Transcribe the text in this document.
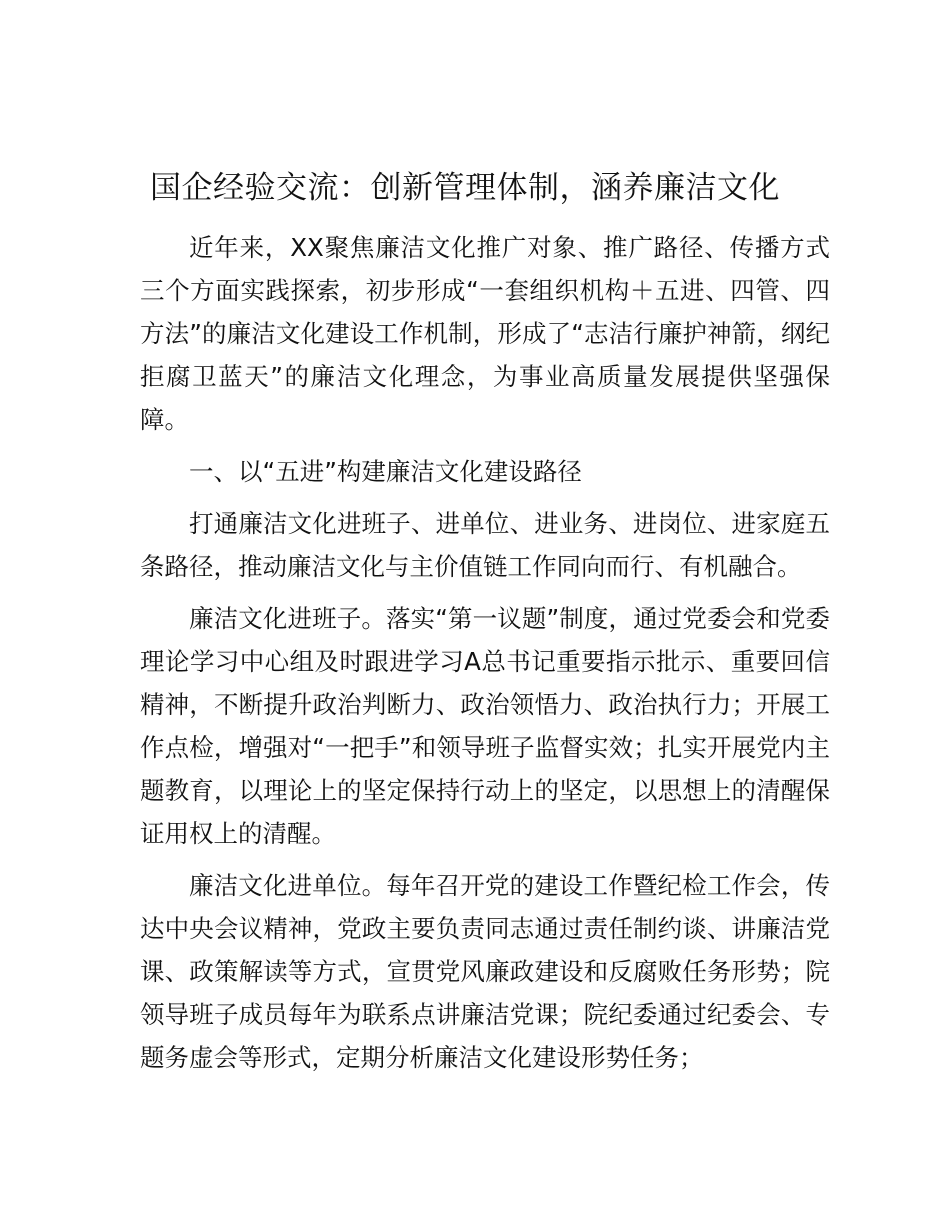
国企经验交流：创新管理体制，涵养廉洁文化

近年来，XX聚焦廉洁文化推广对象、推广路径、传播方式三个方面实践探索，初步形成“一套组织机构＋五进、四管、四方法”的廉洁文化建设工作机制，形成了“志洁行廉护神箭，纲纪拒腐卫蓝天”的廉洁文化理念，为事业高质量发展提供坚强保障。

一、以“五进”构建廉洁文化建设路径

打通廉洁文化进班子、进单位、进业务、进岗位、进家庭五条路径，推动廉洁文化与主价值链工作同向而行、有机融合。

廉洁文化进班子。落实“第一议题”制度，通过党委会和党委理论学习中心组及时跟进学习A总书记重要指示批示、重要回信精神，不断提升政治判断力、政治领悟力、政治执行力；开展工作点检，增强对“一把手”和领导班子监督实效；扎实开展党内主题教育，以理论上的坚定保持行动上的坚定，以思想上的清醒保证用权上的清醒。

廉洁文化进单位。每年召开党的建设工作暨纪检工作会，传达中央会议精神，党政主要负责同志通过责任制约谈、讲廉洁党课、政策解读等方式，宣贯党风廉政建设和反腐败任务形势；院领导班子成员每年为联系点讲廉洁党课；院纪委通过纪委会、专题务虚会等形式，定期分析廉洁文化建设形势任务；
